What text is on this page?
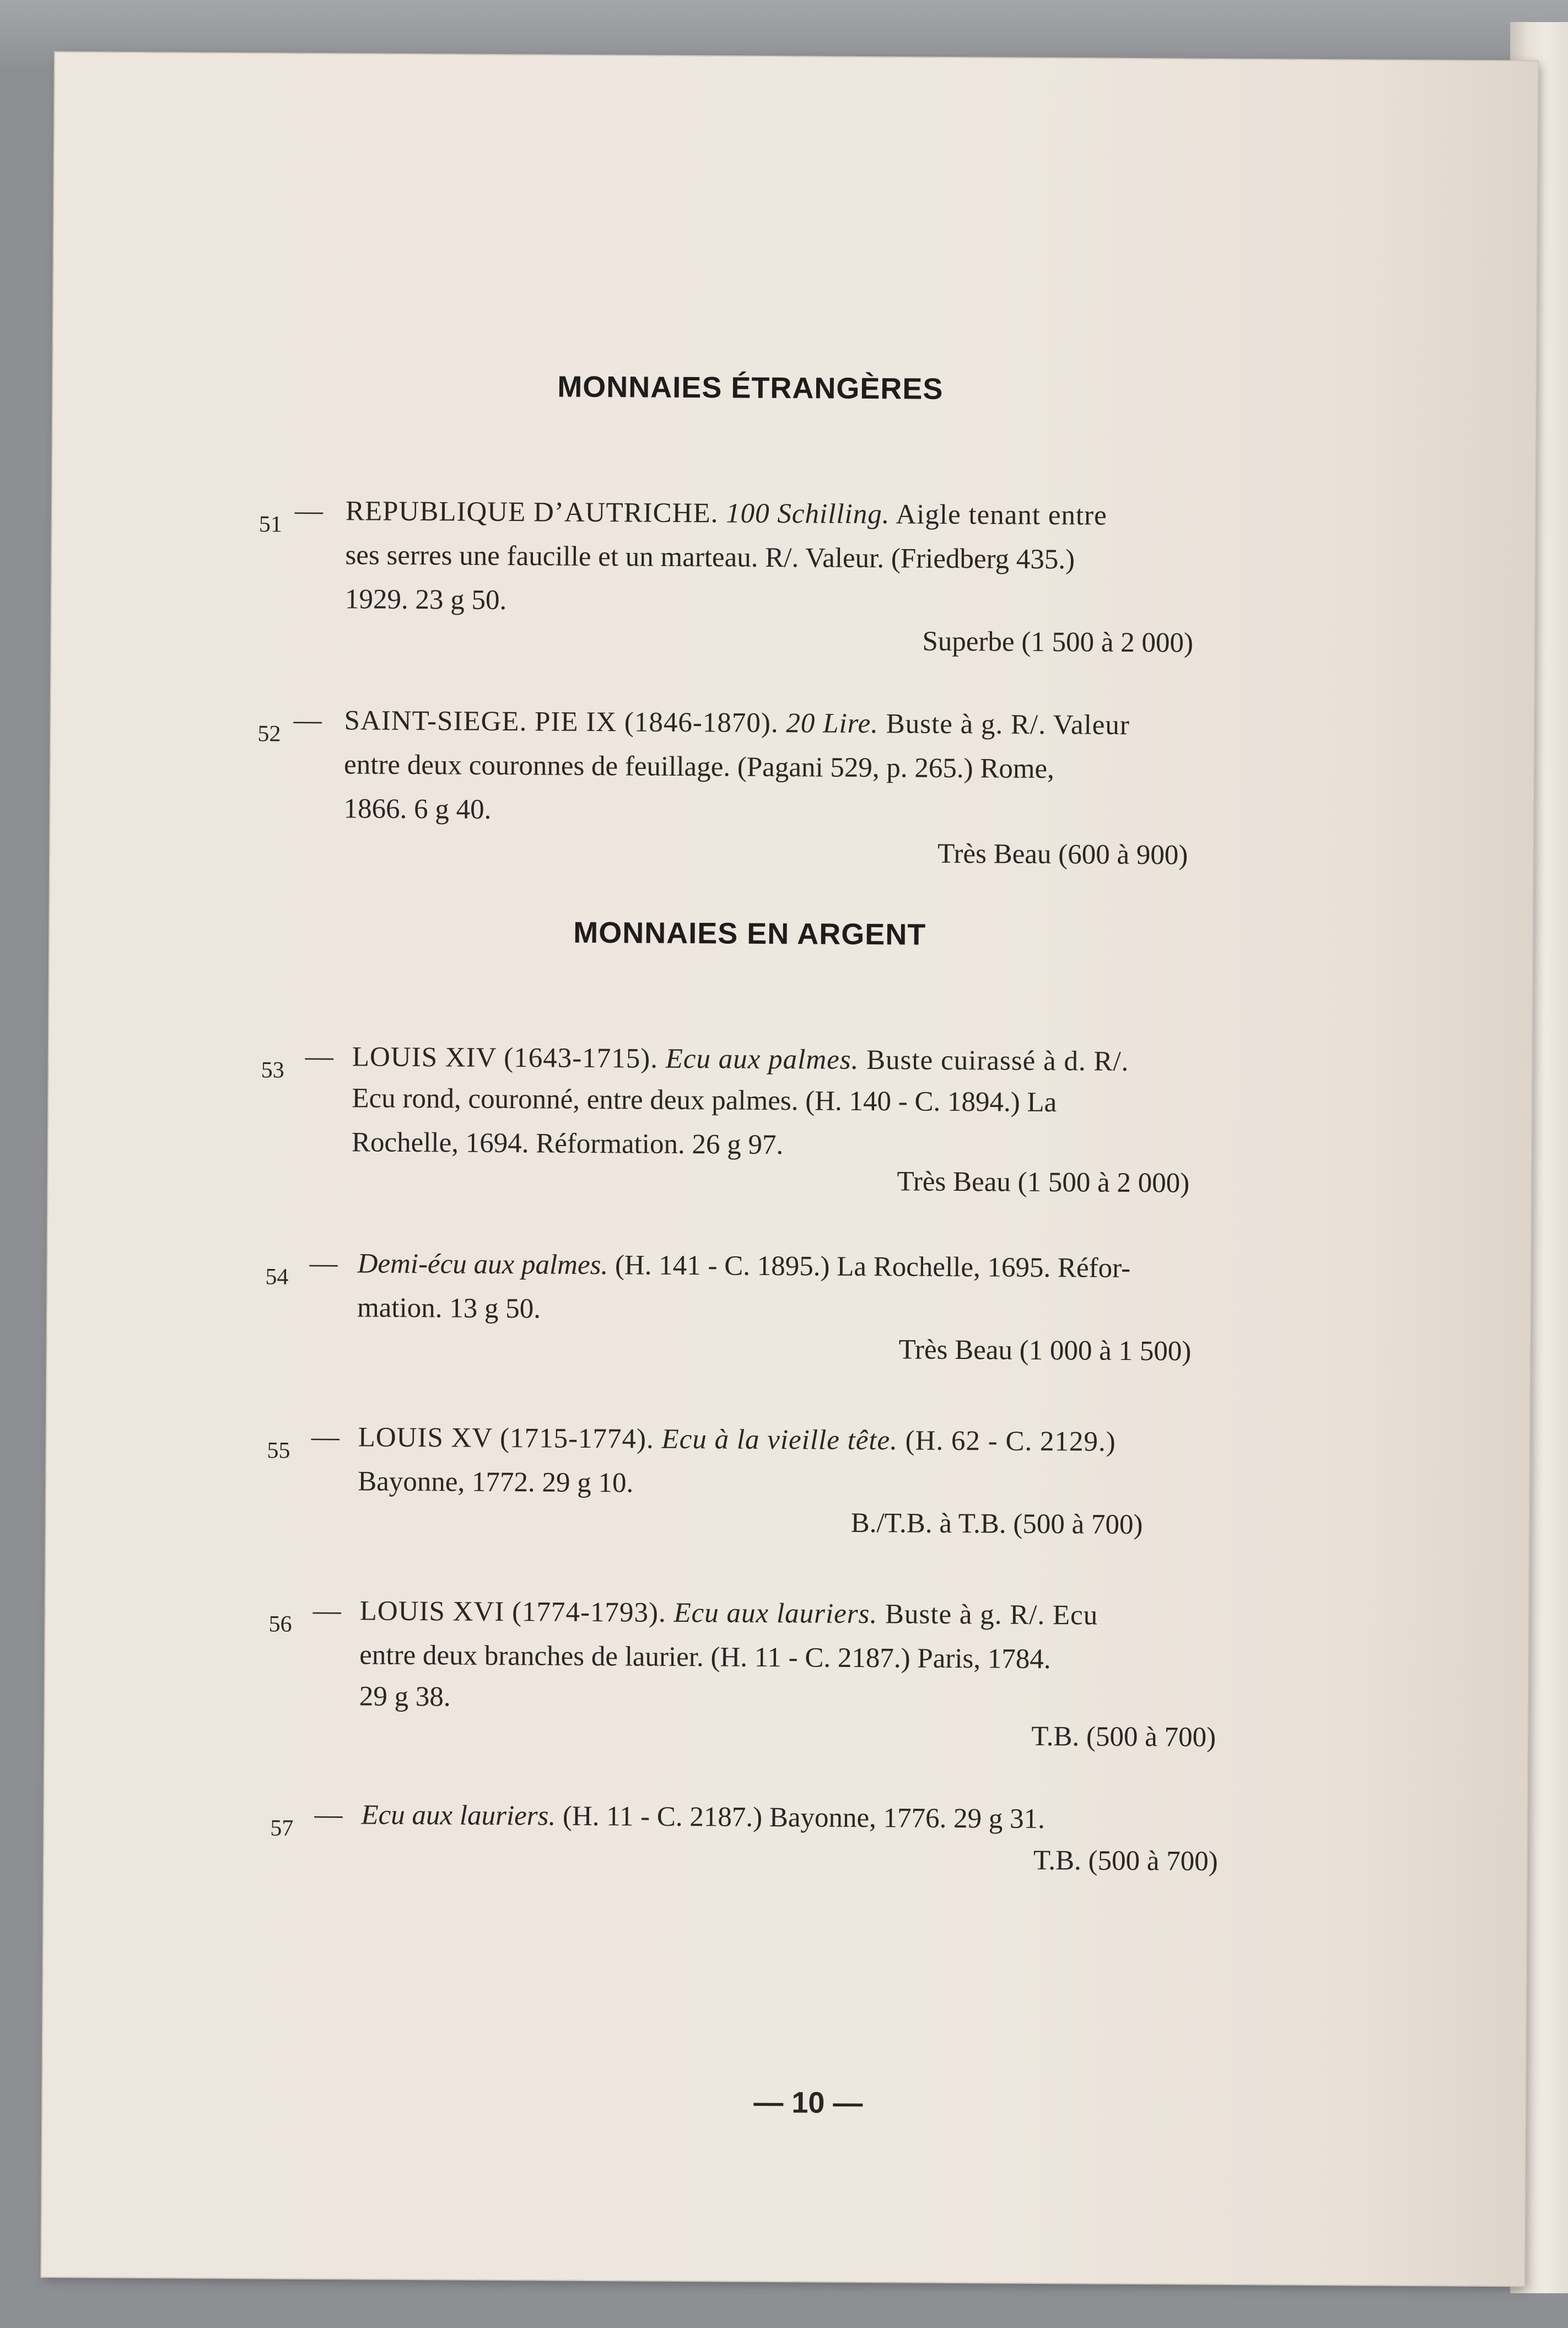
MONNAIES ÉTRANGÈRES
51 — REPUBLIQUE D’AUTRICHE. 100 Schilling. Aigle tenant entre
ses serres une faucille et un marteau. R/. Valeur. (Friedberg 435.)
1929. 23 g 50.
Superbe (1 500 à 2 000)
52 — SAINT-SIEGE. PIE IX (1846-1870). 20 Lire. Buste à g. R/. Valeur
entre deux couronnes de feuillage. (Pagani 529, p. 265.) Rome,
1866. 6 g 40.
Très Beau (600 à 900)
MONNAIES EN ARGENT
53 — LOUIS XIV (1643-1715). Ecu aux palmes. Buste cuirassé à d. R/.
Ecu rond, couronné, entre deux palmes. (H. 140 - C. 1894.) La
Rochelle, 1694. Réformation. 26 g 97.
Très Beau (1 500 à 2 000)
54 — Demi-écu aux palmes. (H. 141 - C. 1895.) La Rochelle, 1695. Réfor-
mation. 13 g 50.
Très Beau (1 000 à 1 500)
55 — LOUIS XV (1715-1774). Ecu à la vieille tête. (H. 62 - C. 2129.)
Bayonne, 1772. 29 g 10.
B./T.B. à T.B. (500 à 700)
56 — LOUIS XVI (1774-1793). Ecu aux lauriers. Buste à g. R/. Ecu
entre deux branches de laurier. (H. 11 - C. 2187.) Paris, 1784.
29 g 38.
T.B. (500 à 700)
57 — Ecu aux lauriers. (H. 11 - C. 2187.) Bayonne, 1776. 29 g 31.
T.B. (500 à 700)
— 10 —
